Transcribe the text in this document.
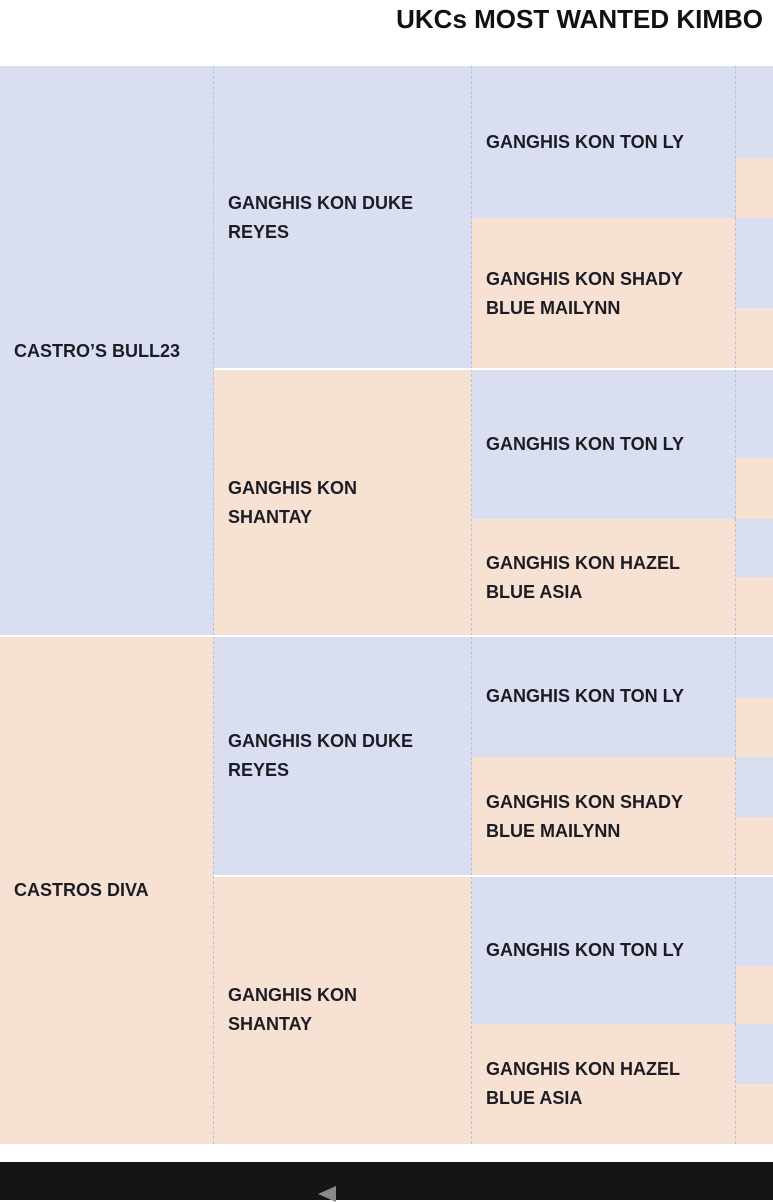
UKCs MOST WANTED KIMBO
CASTRO’S BULL23
CASTROS DIVA
GANGHIS KON DUKE REYES
GANGHIS KON SHANTAY
GANGHIS KON DUKE REYES
GANGHIS KON SHANTAY
GANGHIS KON TON LY
GANGHIS KON SHADY BLUE MAILYNN
GANGHIS KON TON LY
GANGHIS KON HAZEL BLUE ASIA
GANGHIS KON TON LY
GANGHIS KON SHADY BLUE MAILYNN
GANGHIS KON TON LY
GANGHIS KON HAZEL BLUE ASIA
